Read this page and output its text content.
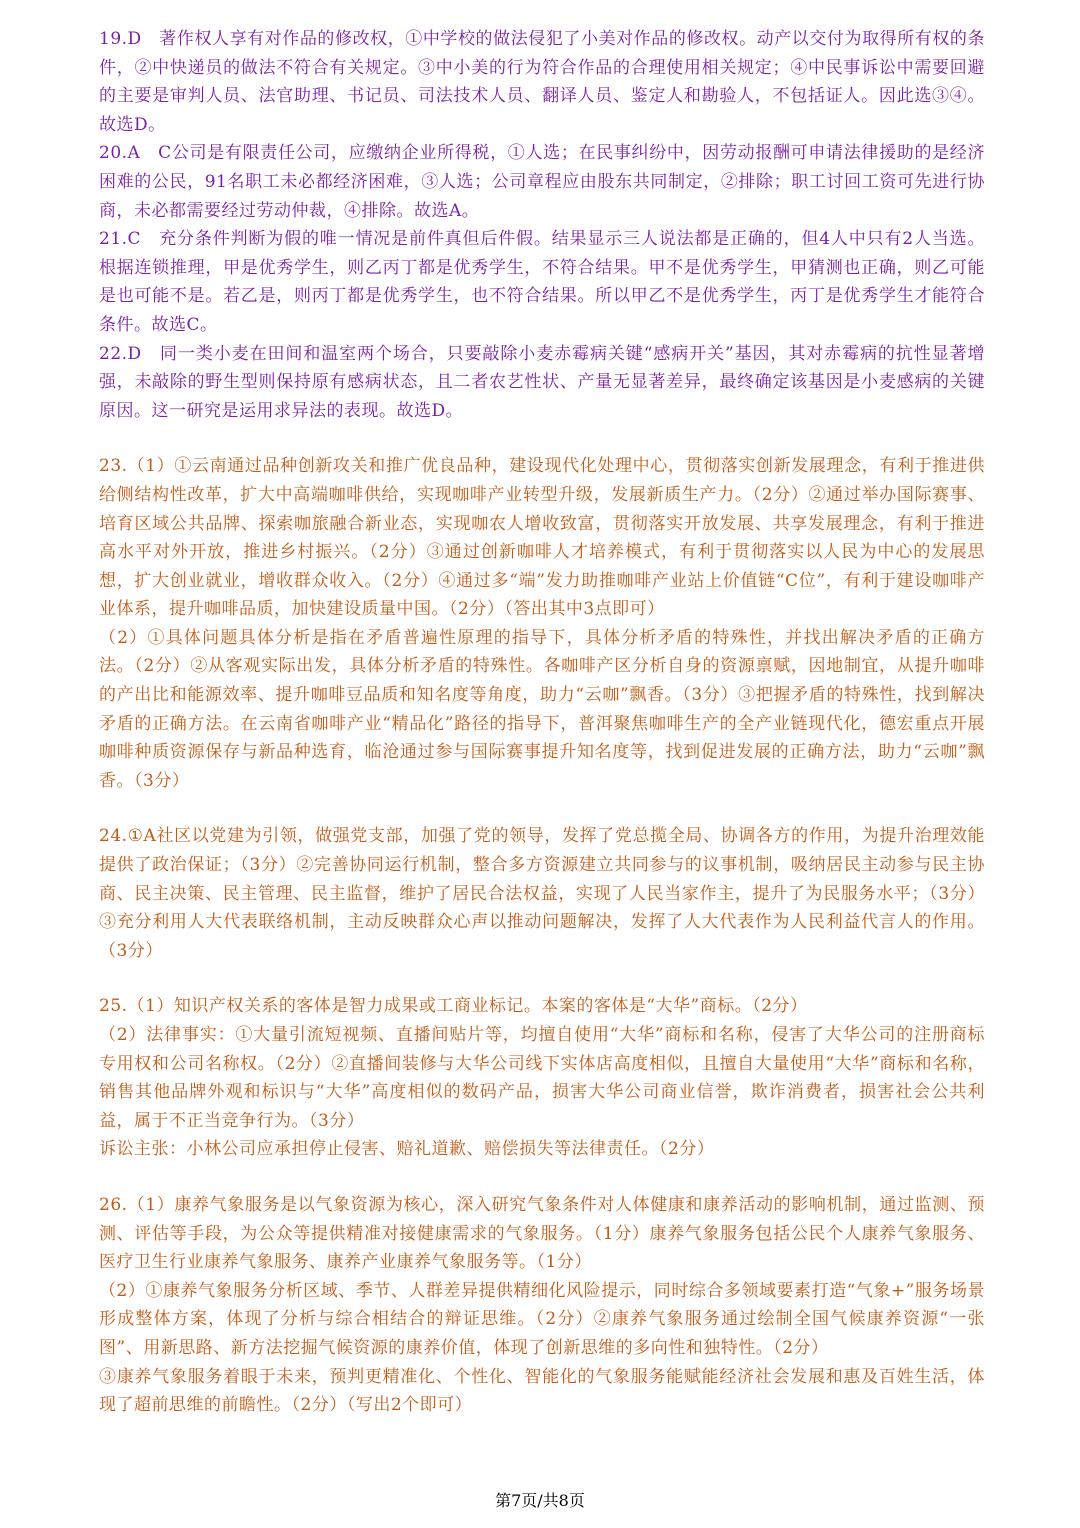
19.D　著作权人享有对作品的修改权，①中学校的做法侵犯了小美对作品的修改权。动产以交付为取得所有权的条件，②中快递员的做法不符合有关规定。③中小美的行为符合作品的合理使用相关规定；④中民事诉讼中需要回避的主要是审判人员、法官助理、书记员、司法技术人员、翻译人员、鉴定人和勘验人，不包括证人。因此选③④。故选D。

20.A　C公司是有限责任公司，应缴纳企业所得税，①人选；在民事纠纷中，因劳动报酬可申请法律援助的是经济困难的公民，91名职工未必都经济困难，③人选；公司章程应由股东共同制定，②排除；职工讨回工资可先进行协商，未必都需要经过劳动仲裁，④排除。故选A。

21.C　充分条件判断为假的唯一情况是前件真但后件假。结果显示三人说法都是正确的，但4人中只有2人当选。根据连锁推理，甲是优秀学生，则乙丙丁都是优秀学生，不符合结果。甲不是优秀学生，甲猜测也正确，则乙可能是也可能不是。若乙是，则丙丁都是优秀学生，也不符合结果。所以甲乙不是优秀学生，丙丁是优秀学生才能符合条件。故选C。

22.D　同一类小麦在田间和温室两个场合，只要敲除小麦赤霉病关键“感病开关”基因，其对赤霉病的抗性显著增强，未敲除的野生型则保持原有感病状态，且二者农艺性状、产量无显著差异，最终确定该基因是小麦感病的关键原因。这一研究是运用求异法的表现。故选D。

23.（1）①云南通过品种创新攻关和推广优良品种，建设现代化处理中心，贯彻落实创新发展理念，有利于推进供给侧结构性改革，扩大中高端咖啡供给，实现咖啡产业转型升级，发展新质生产力。（2分）②通过举办国际赛事、培育区域公共品牌、探索咖旅融合新业态，实现咖农人增收致富，贯彻落实开放发展、共享发展理念，有利于推进高水平对外开放，推进乡村振兴。（2分）③通过创新咖啡人才培养模式，有利于贯彻落实以人民为中心的发展思想，扩大创业就业，增收群众收入。（2分）④通过多“端”发力助推咖啡产业站上价值链“C位”，有利于建设咖啡产业体系，提升咖啡品质，加快建设质量中国。（2分）（答出其中3点即可）

（2）①具体问题具体分析是指在矛盾普遍性原理的指导下，具体分析矛盾的特殊性，并找出解决矛盾的正确方法。（2分）②从客观实际出发，具体分析矛盾的特殊性。各咖啡产区分析自身的资源禀赋，因地制宜，从提升咖啡的产出比和能源效率、提升咖啡豆品质和知名度等角度，助力“云咖”飘香。（3分）③把握矛盾的特殊性，找到解决矛盾的正确方法。在云南省咖啡产业“精品化”路径的指导下，普洱聚焦咖啡生产的全产业链现代化，德宏重点开展咖啡种质资源保存与新品种选育，临沧通过参与国际赛事提升知名度等，找到促进发展的正确方法，助力“云咖”飘香。（3分）

24.①A社区以党建为引领，做强党支部，加强了党的领导，发挥了党总揽全局、协调各方的作用，为提升治理效能提供了政治保证；（3分）②完善协同运行机制，整合多方资源建立共同参与的议事机制，吸纳居民主动参与民主协商、民主决策、民主管理、民主监督，维护了居民合法权益，实现了人民当家作主，提升了为民服务水平；（3分）③充分利用人大代表联络机制，主动反映群众心声以推动问题解决，发挥了人大代表作为人民利益代言人的作用。（3分）

25.（1）知识产权关系的客体是智力成果或工商业标记。本案的客体是“大华”商标。（2分）

（2）法律事实：①大量引流短视频、直播间贴片等，均擅自使用“大华”商标和名称，侵害了大华公司的注册商标专用权和公司名称权。（2分）②直播间装修与大华公司线下实体店高度相似，且擅自大量使用“大华”商标和名称，销售其他品牌外观和标识与“大华”高度相似的数码产品，损害大华公司商业信誉，欺诈消费者，损害社会公共利益，属于不正当竞争行为。（3分）

诉讼主张：小林公司应承担停止侵害、赔礼道歉、赔偿损失等法律责任。（2分）

26.（1）康养气象服务是以气象资源为核心，深入研究气象条件对人体健康和康养活动的影响机制，通过监测、预测、评估等手段，为公众等提供精准对接健康需求的气象服务。（1分）康养气象服务包括公民个人康养气象服务、医疗卫生行业康养气象服务、康养产业康养气象服务等。（1分）

（2）①康养气象服务分析区域、季节、人群差异提供精细化风险提示，同时综合多领域要素打造“气象+”服务场景形成整体方案，体现了分析与综合相结合的辩证思维。（2分）②康养气象服务通过绘制全国气候康养资源“一张图”、用新思路、新方法挖掘气候资源的康养价值，体现了创新思维的多向性和独特性。（2分）

③康养气象服务着眼于未来，预判更精准化、个性化、智能化的气象服务能赋能经济社会发展和惠及百姓生活，体现了超前思维的前瞻性。（2分）（写出2个即可）

第7页/共8页
